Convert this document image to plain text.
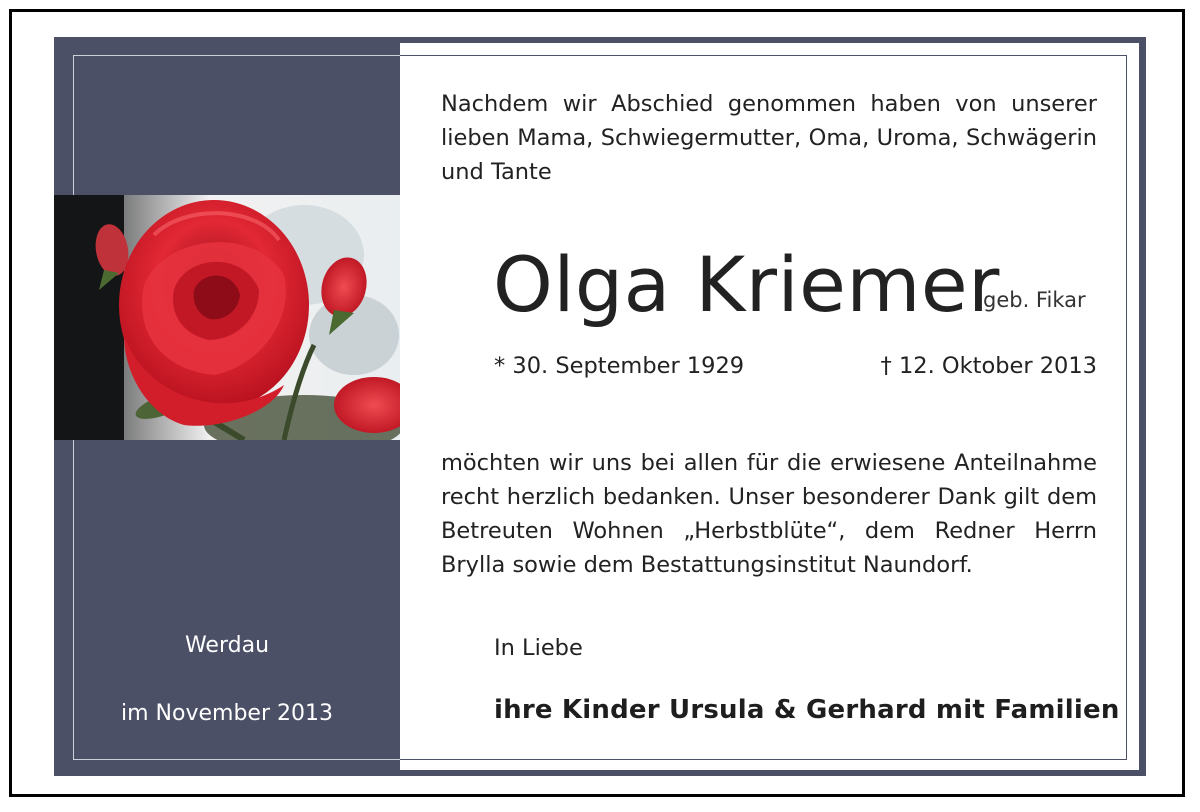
Nachdem wir Abschied genommen haben von unserer
lieben Mama, Schwiegermutter, Oma, Uroma, Schwägerin
und Tante
Olga Kriemer
geb. Fikar
* 30. September 1929	† 12. Oktober 2013
möchten wir uns bei allen für die erwiesene Anteilnahme
recht herzlich bedanken. Unser besonderer Dank gilt dem
Betreuten Wohnen „Herbstblüte“, dem Redner Herrn
Brylla sowie dem Bestattungsinstitut Naundorf.
In Liebe
ihre Kinder Ursula & Gerhard mit Familien
Werdau
im November 2013
